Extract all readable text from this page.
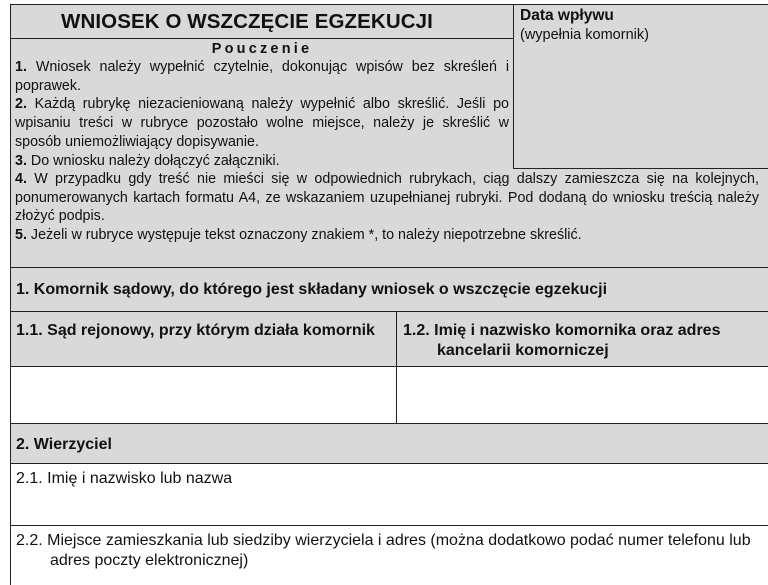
WNIOSEK O WSZCZĘCIE EGZEKUCJI	Data wpływu
(wypełnia komornik)
Pouczenie

1. Wniosek należy wypełnić czytelnie, dokonując wpisów bez skreśleń i poprawek.

2. Każdą rubrykę niezacieniowaną należy wypełnić albo skreślić. Jeśli po wpisaniu treści w rubryce pozostało wolne miejsce, należy je skreślić w sposób uniemożliwiający dopisywanie.

3. Do wniosku należy dołączyć załączniki.

4. W przypadku gdy treść nie mieści się w odpowiednich rubrykach, ciąg dalszy zamieszcza się na kolejnych, ponumerowanych kartach formatu A4, ze wskazaniem uzupełnianej rubryki. Pod dodaną do wniosku treścią należy złożyć podpis.

5. Jeżeli w rubryce występuje tekst oznaczony znakiem *, to należy niepotrzebne skreślić.

1. Komornik sądowy, do którego jest składany wniosek o wszczęcie egzekucji
1.1. Sąd rejonowy, przy którym działa komornik	1.2. Imię i nazwisko komornika oraz adres kancelarii komorniczej
2. Wierzyciel
2.1. Imię i nazwisko lub nazwa
2.2. Miejsce zamieszkania lub siedziby wierzyciela i adres (można dodatkowo podać numer telefonu lub adres poczty elektronicznej)
